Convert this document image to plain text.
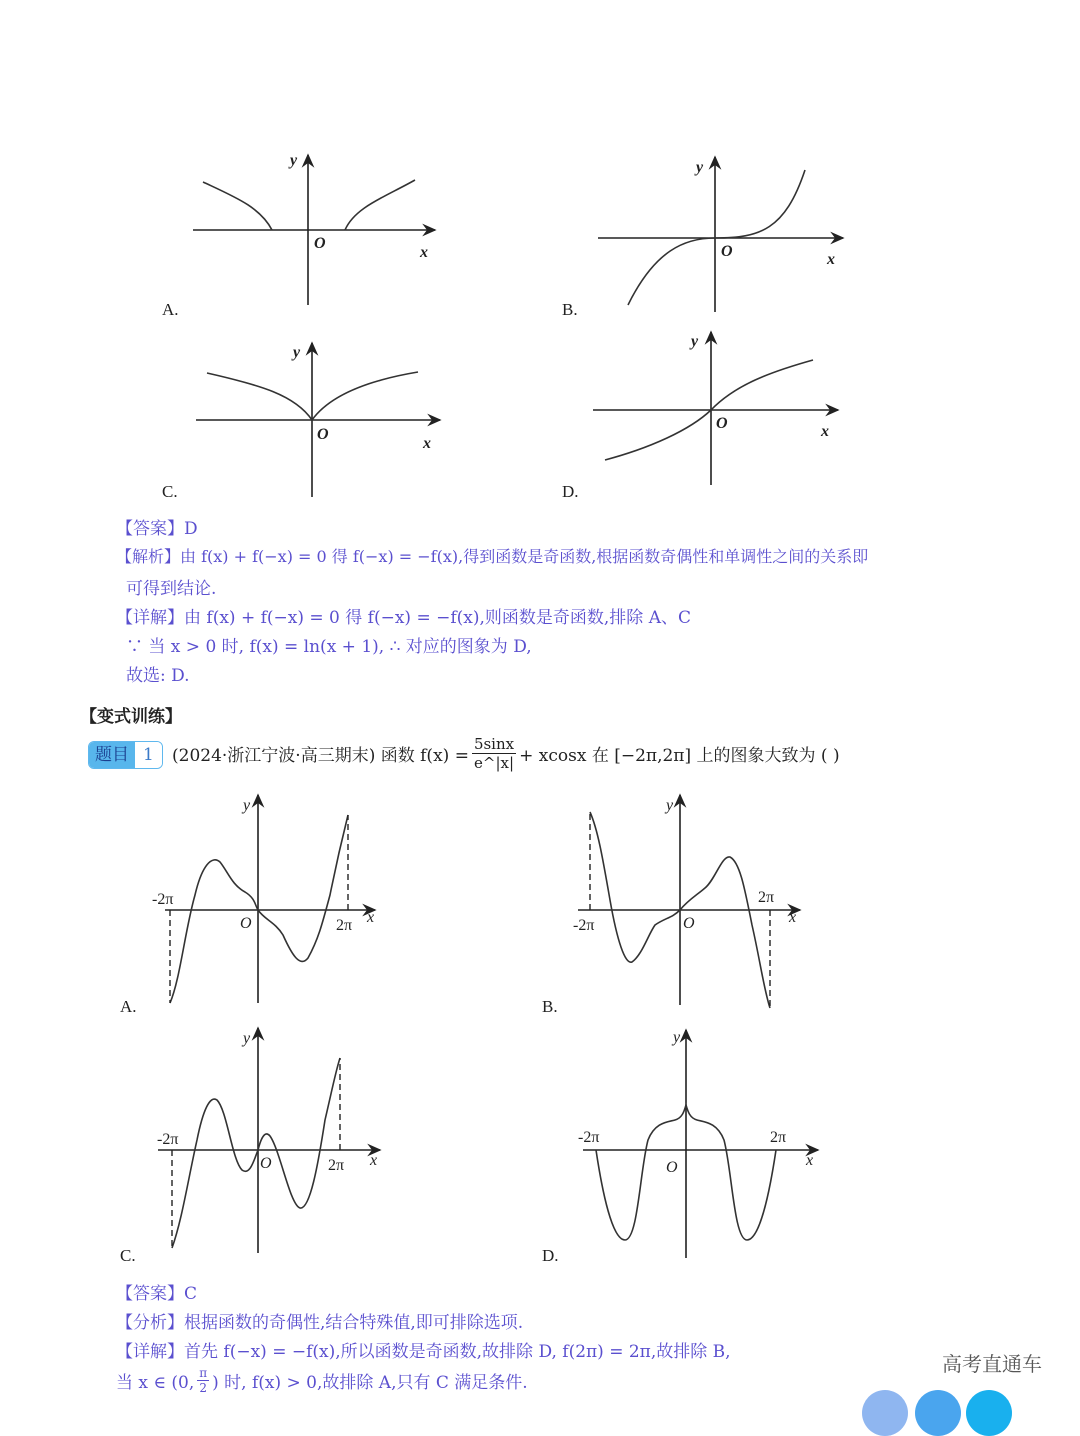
y
O
x
y
O	x
y
O
x
y
O	x
y
-2π
2π
O	x
y
-2π
2π
O	x
y
-2π
2π
O	x
y
-2π	2π
O	x
A.	B.
C.	D.
【答案】D
【解析】由 f(x) + f(−x) = 0 得 f(−x) = −f(x),得到函数是奇函数,根据函数奇偶性和单调性之间的关系即
可得到结论.
【详解】由 f(x) + f(−x) = 0 得 f(−x) = −f(x),则函数是奇函数,排除 A、C
∵ 当 x > 0 时, f(x) = ln(x + 1), ∴ 对应的图象为 D,
故选: D.
【变式训练】
题目 1	(2024·浙江宁波·高三期末) 函数 $f(x) = \frac{5\sin x}{e\^{}|x|} + xcosx$ 在 [−2π,2π] 上的图象大致为 ( )
A.	B.
C.	D.
【答案】C
【分析】根据函数的奇偶性,结合特殊值,即可排除选项.
【详解】首先 f(−x) = −f(x),所以函数是奇函数,故排除 D, f(2π) = 2π,故排除 B,
当 x ∈ (0, $\frac{\pi}{2}$ ) 时, f(x) > 0,故排除 A,只有 C 满足条件.
高考直通车
